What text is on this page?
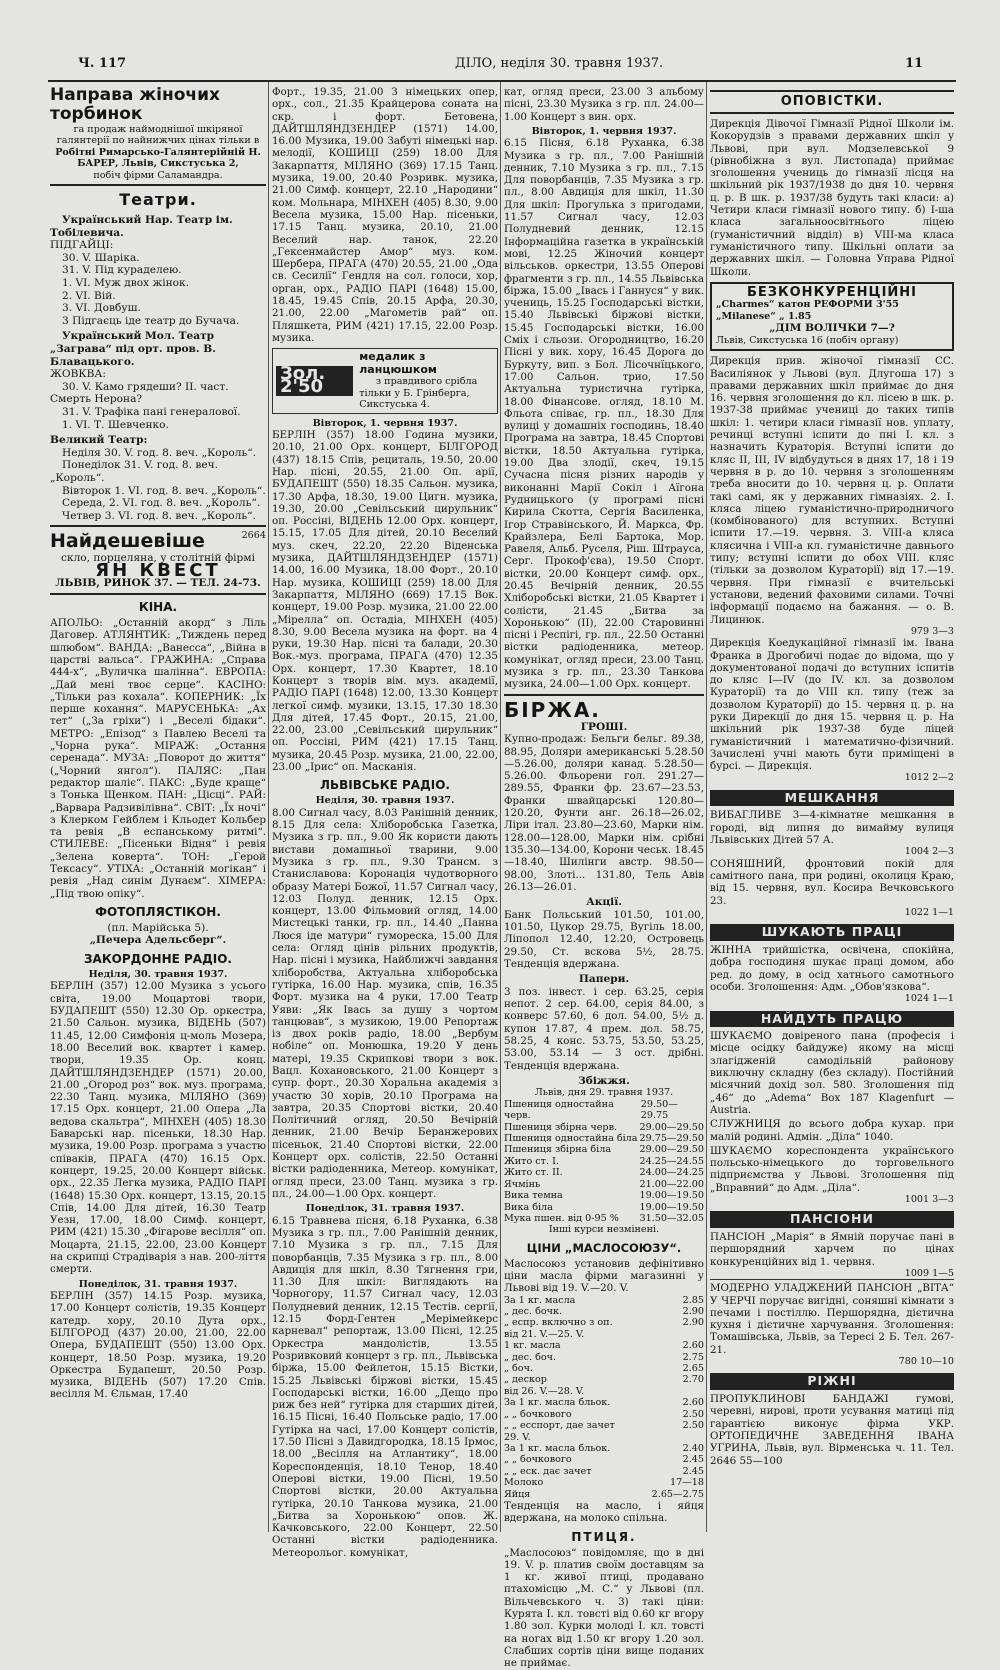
Ч. 117	ДІЛО, неділя 30. травня 1937.	11

Направа жіночих торбинок

га продаж наймоднішої шкіряної галянтерії по найнижчих цінах тільки в

Робітні Римарсько-Галянтерійній Н. БАРЕР, Львів, Сикстуська 2,

побіч фірми Саламандра.

Театри.

Український Нар. Театр ім. Тобілевича.

ПІДГАЙЦІ:

30. V. Шаріка.

31. V. Під кураделею.

1. VI. Муж двох жінок.

2. VI. Вій.

3. VI. Довбуш.

3 Підгаєць іде театр до Бучача.

Український Мол. Театр „Заграва“ під орт. пров. В. Блавацького.

ЖОВКВА:

30. V. Камо грядеши? II. част. Смерть Нерона?

31. V. Трафіка пані генералової.

1. VI. Т. Шевченко.

Великий Театр:

Неділя 30. V. год. 8. веч. „Король“.

Понеділок 31. V. год. 8. веч. „Король“.

Вівторок 1. VI. год. 8. веч. „Король“.

Середа, 2. VI. год. 8. веч. „Король“.

Четвер 3. VI. год. 8. веч. „Король“.

Найдешевіше	2664

скло, порцеляна, у столітній фірмі

ЯН КВЕСТ

ЛЬВІВ, РИНОК 37. — ТЕЛ. 24-73.

КІНА.

АПОЛЬО: „Останній акорд“ з Ліль Даговер. АТЛЯНТИК: „Тиждень перед шлюбом“. ВАНДА: „Ванесса“, „Війна в царстві вальса“. ГРАЖИНА: „Справа 444-х“, „Вуличка шалінна“. ЕВРОПА: „Дай мені твоє серце“. КАСІНО: „Тільки раз кохала“. КОПЕРНИК: „Їх перше кохання“. МАРУСЕНЬКА: „Ах тет“ („За гріхи“) і „Веселі бідаки“. МЕТРО: „Епізод“ з Павлею Веселі та „Чорна рука“. МІРАЖ: „Остання серенада“. МУЗА: „Поворот до життя“ („Чорний янгол“). ПАЛЯС: „Пан редактор шаліє“. ПАКС: „Буде краще“ з Тонька Щенком. ПАН: „Цісці“. РАЙ: „Варвара Радзивілівна“. СВІТ: „Їх ночі“ з Клерком Гейблем і Кльодет Кольбер та ревія „В еспанському ритмі“. СТИЛЕВЕ: „Пісеньки Відня“ і ревія „Зелена коверта“. ТОН: „Герой Тексасу“. УТІХА: „Останній могікан“ і ревія „Над синім Дунаєм“. ХІМЕРА: „Під твою опіку“.

ФОТОПЛЯСТІКОН.

(пл. Марійська 5).

„Печера Адельсберг“.

ЗАКОРДОННЕ РАДІО.

Неділя, 30. травня 1937.

БЕРЛІН (357) 12.00 Музика з усього світа, 19.00 Моцартові твори, БУДАПЕШТ (550) 12.30 Ор. оркестра, 21.50 Сальон. музика, ВІДЕНЬ (507) 11.45, 12.00 Симфонія ц-моль Мозера, 18.00 Веселий вок. квартет і камер. твори, 19.35 Ор. конц. ДАЙТШЛЯНДЗЕНДЕР (1571) 20.00, 21.00 „Огород роз“ вок. муз. програма, 22.30 Танц. музика, МІЛЯНО (369) 17.15 Орх. концерт, 21.00 Опера „Ла ведова скальтра“, МІНХЕН (405) 18.30 Баварські нар. пісеньки, 18.30 Нар. музика, 19.00 Розр. програма з участю співаків, ПРАГА (470) 16.15 Орх. концерт, 19.25, 20.00 Концерт військ. орх., 22.35 Легка музика, РАДІО ПАРІ (1648) 15.30 Орх. концерт, 13.15, 20.15 Спів, 14.00 Для дітей, 16.30 Театр Уезн, 17.00, 18.00 Симф. концерт, РИМ (421) 15.30 „Фігарове весілля“ оп. Моцарта, 21.15, 22.00, 23.00 Концерт на скрипці Страдіварія з нав. 200-ліття смерти.

Понеділок, 31. травня 1937.

БЕРЛІН (357) 14.15 Розр. музика, 17.00 Концерт солістів, 19.35 Концерт катедр. хору, 20.10 Дута орх., БІЛГОРОД (437) 20.00, 21.00, 22.00 Опера, БУДАПЕШТ (550) 13.00 Орх. концерт, 18.50 Розр. музика, 19.20 Оркестра Будапешт, 20.50 Розр. музика, ВІДЕНЬ (507) 17.20 Спів. весілля М. Єльман, 17.40

Форт., 19.35, 21.00 З німецьких опер, орх., сол., 21.35 Крайцерова соната на скр. і форт. Бетовена, ДАЙТШЛЯНДЗЕНДЕР (1571) 14.00, 16.00 Музика, 19.00 Забуті німецькі нар. мелодії, КОШИЦІ (259) 18.00 Для Закарпаття, МІЛЯНО (369) 17.15 Танц. музика, 19.00, 20.40 Розривк. музика, 21.00 Симф. концерт, 22.10 „Народини“ ком. Мольнара, МІНХЕН (405) 8.30, 9.00 Весела музика, 15.00 Нар. пісеньки, 17.15 Танц. музика, 20.10, 21.00 Веселий нар. танок, 22.20 „Гексенмайстер Амор“ муз. ком. Шербера, ПРАГА (470) 20.55, 21.00 „Ода св. Сесилії“ Гендля на сол. голоси, хор, орган, орх., РАДІО ПАРІ (1648) 15.00, 18.45, 19.45 Спів, 20.15 Арфа, 20.30, 21.00, 22.00 „Магометів рай“ оп. Пляшкета, РИМ (421) 17.15, 22.00 Розр. музика.

Зол. 2'50

медалик з ланцюшком

з правдивого срібла

тільки у Б. Грінберга, Сикстуська 4.

Вівторок, 1. червня 1937.

БЕРЛІН (357) 18.00 Година музики, 20.10, 21.00 Орх. концерт, БІЛГОРОД (437) 18.15 Спів, рециталь, 19.50, 20.00 Нар. пісні, 20.55, 21.00 Оп. арії, БУДАПЕШТ (550) 18.35 Сальон. музика, 17.30 Арфа, 18.30, 19.00 Цигн. музика, 19.30, 20.00 „Севільський цирульник“ оп. Россіні, ВІДЕНЬ 12.00 Орх. концерт, 15.15, 17.05 Для дітей, 20.10 Веселий муз. скеч, 22.20, 22.20 Віденська музика, ДАЙТШЛЯНДЗЕНДЕР (1571) 14.00, 16.00 Музика, 18.00 Форт., 20.10 Нар. музика, КОШИЦІ (259) 18.00 Для Закарпаття, МІЛЯНО (669) 17.15 Вок. концерт, 19.00 Розр. музика, 21.00 22.00 „Мірелла“ оп. Остадіа, МІНХЕН (405) 8.30, 9.00 Весела музика на форт. на 4 руки, 19.30 Нар. пісні та балади, 20.30 Вок.-муз. програма, ПРАГА (470) 12.35 Орх. концерт, 17.30 Квартет, 18.10 Концерт з творів вім. муз. академії, РАДІО ПАРІ (1648) 12.00, 13.30 Концерт легкої симф. музики, 13.15, 17.30 18.30 Для дітей, 17.45 Форт., 20.15, 21.00, 22.00, 23.00 „Севільський цирульник“ оп. Россіні, РИМ (421) 17.15 Танц. музика, 20.45 Розр. музика, 21.00, 22.00, 23.00 „Ірис“ оп. Масканія.

ЛЬВІВСЬКЕ РАДІО.

Неділя, 30. травня 1937.

8.00 Сигнал часу, 8.03 Ранішній денник, 8.15 Для села: Хліборобська Газетка, Музика з гр. пл., 9.00 Як користи дають вистави домашньої тварини, 9.00 Музика з гр. пл., 9.30 Трансм. з Станиславова: Коронація чудотворного образу Матері Божої, 11.57 Сигнал часу, 12.03 Полуд. денник, 12.15 Орх. концерт, 13.00 Фільмовий огляд, 14.00 Мистецькі танки, гр. пл., 14.40 „Панна Люся іде матури“ гумореска, 15.00 Для села: Огляд цінів рільних продуктів, Нар. пісні і музика, Найближчі завдання хліборобства, Актуальна хліборобська гутірка, 16.00 Нар. музика, спів, 16.35 Форт. музика на 4 руки, 17.00 Театр Уяви: „Як Івась за душу з чортом танцював“, з музикою, 19.00 Репортаж із двох років радіо, 18.00 „Вербум нобіле“ оп. Монюшка, 19.20 У день матері, 19.35 Скрипкові твори з вок. Вацл. Кохановського, 21.00 Концерт з супр. форт., 20.30 Хоральна академія з участю 30 хорів, 20.10 Програма на завтра, 20.35 Спортові вістки, 20.40 Політичний огляд, 20.50 Вечірній денник, 21.00 Вечір Беранжерових пісеньок, 21.40 Спортові вістки, 22.00 Концерт орх. солістів, 22.50 Останні вістки радіоденника, Метеор. комунікат, огляд преси, 23.00 Танц. музика з гр. пл., 24.00—1.00 Орх. концерт.

Понеділок, 31. травня 1937.

6.15 Травнева пісня, 6.18 Руханка, 6.38 Музика з гр. пл., 7.00 Ранішній денник, 7.10 Музика з гр. пл., 7.15 Для поворбанців, 7.35 Музика з гр. пл., 8.00 Авдиція для шкіл, 8.30 Тягнення гри, 11.30 Для шкіл: Виглядають на Чорногору, 11.57 Сигнал часу, 12.03 Полудневий денник, 12.15 Тестів. сергії, 12.15 Форд-Гентен „Мерімейкерс карневал“ репортаж, 13.00 Пісні, 12.25 Оркестра мандолістів, 13.55 Розривковий концерт з гр. пл., Львівська біржа, 15.00 Фейлетон, 15.15 Вістки, 15.25 Львівські біржові вістки, 15.45 Господарські вістки, 16.00 „Дещо про риж без ней“ гутірка для старших дітей, 16.15 Пісні, 16.40 Польське радіо, 17.00 Гутірка на часі, 17.00 Концерт солістів, 17.50 Пісні з Давидгородка, 18.15 Ірмос, 18.00 „Весілля на Атлантику“, 18.00 Кореспонденція, 18.10 Тенор, 18.40 Оперові вістки, 19.00 Пісні, 19.50 Спортові вістки, 20.00 Актуальна гутірка, 20.10 Танкова музика, 21.00 „Битва за Хоронькою“ опов. Ж. Качковського, 22.00 Концерт, 22.50 Останні вістки радіоденника. Метеорольог. комунікат,

кат, огляд преси, 23.00 З альбому пісні, 23.30 Музика з гр. пл. 24.00—1.00 Концерт з вин. орх.

Вівторок, 1. червня 1937.

6.15 Пісня, 6.18 Руханка, 6.38 Музика з гр. пл., 7.00 Ранішній денник, 7.10 Музика з гр. пл., 7.15 Для поворбанців, 7.35 Музика з гр. пл., 8.00 Авдиція для шкіл, 11.30 Для шкіл: Прогулька з пригодами, 11.57 Сигнал часу, 12.03 Полудневий денник, 12.15 Інформаційна газетка в українській мові, 12.25 Жіночий концерт вільськов. оркестри, 13.55 Оперові фрагменти з гр. пл., 14.55 Львівська біржа, 15.00 „Івась і Ганнуся“ у вик. учениць, 15.25 Господарські вістки, 15.40 Львівські біржові вістки, 15.45 Господарські вістки, 16.00 Сміх і сльози. Огородництво, 16.20 Пісні у вик. хору, 16.45 Дорога до Буркуту, вип. з Бол. Лісочнїцького, 17.00 Сальон. трио, 17.50 Актуальна туристична гутірка, 18.00 Фінансове. огляд, 18.10 М. Фльота співає, гр. пл., 18.30 Для вулиці у домашніх господинь, 18.40 Програма на завтра, 18.45 Спортові вістки, 18.50 Актуальна гутірка, 19.00 Два злодії, скеч, 19.15 Сучасна пісня різних народів у виконанні Марії Сокіл і Аїгона Рудницького (у програмі пісні Кирила Скотта, Сергія Василенка, Ігор Стравінського, Й. Маркса, Фр. Крайзлера, Белі Бартока, Мор. Равеля, Альб. Руселя, Ріш. Штрауса, Серг. Прокоф'єва), 19.50 Спорт. вістки, 20.00 Концерт симф. орх., 20.45 Вечірній денник, 20.55 Хліборобські вістки, 21.05 Квартет і солісти, 21.45 „Битва за Хоронькою“ (II), 22.00 Старовинні пісні і Респігі, гр. пл., 22.50 Останні вістки радіоденника, метеор. комунікат, огляд преси, 23.00 Танц. музика з гр. пл., 23.30 Танкова музика, 24.00—1.00 Орх. концерт.

БІРЖА.

ГРОШІ.

Купно-продаж: Бельги бельг. 89.38, 88.95, Доляри американські 5.28.50—5.26.00, доляри канад. 5.28.50—5.26.00. Фльорени гол. 291.27—289.55, Франки фр. 23.67—23.53, Франки швайцарські 120.80—120.20, Фунти анг. 26.18—26.02, Ліри італ. 23.80—23.60, Марки нім. 128.00—128.00, Марки нім. срібні 135.30—134.00, Корони чеськ. 18.45—18.40, Шилінги австр. 98.50—98.00, Злоті... 131.80, Тель Авів 26.13—26.01.

Акції.

Банк Польський 101.50, 101.00, 101.50, Цукор 29.75, Вугіль 18.00, Ліпопол 12.40, 12.20, Островець 29.50, Ст. вскова 5½, 28.75. Тенденція вдержана.

Папери.

3 поз. інвест. і сер. 63.25, серія непот. 2 сер. 64.00, серія 84.00, з конверс 57.60, 6 дол. 54.00, 5½ д. купон 17.87, 4 прем. дол. 58.75, 58.25, 4 конс. 53.75, 53.50, 53.25, 53.00, 53.14 — 3 ост. дрібні. Тенденція вдержана.

Збіжжя.

Львів, дня 29. травня 1937.

Пшениця одностайна черв.
29.50—29.75
Пшениця збірна черв. 29.00—29.50
Пшениця одностайна біла 29.75—29.50
Пшениця збірна біла	29.00—29.50
Жито ст. I.	24.25—24.55
Жито ст. II.	24.00—24.25
Ячмінь	21.00—22.00
Вика темна	19.00—19.50
Вика біла	19.00—19.50
Мука пшен. від 0-95 % 31.50—32.05

Інші курси незмінені.

ЦІНИ „МАСЛОСОЮЗУ“.

Маслосоюз установив дефінітивно ціни масла фірми магазинні у Львові від 19. V.—20. V.

За 1 кг. масла	2.85
„ дес. бочк.	2.90
„ еспр. включно з оп.	2.90
від 21. V.—25. V.
1 кг. масла	2.60
„ дес. боч.	2.75
„ боч.	2.65
„ дескор	2.70
від 26. V.—28. V.
За 1 кг. масла бльок.	2.60
„ „ бочкового	2.50
„ „ есспорт, дае зачет	2.50
29. V.
За 1 кг. масла бльок.	2.40
„ „ бочкового	2.45
„ „ еск. дає зачет	2.45
Молоко	17—18
Яйця	2.65—2.75

Тенденція на масло, і яйця вдержана, на молоко спільна.

ПТИЦЯ.

„Маслосоюз“ повідомляє, що в дні 19. V. р. платив своїм доставцям за 1 кг. живої птиці, продавано птахомісцю „М. С.“ у Львові (пл. Вільчевського ч. 3) такі ціни: Курята I. кл. товсті від 0.60 кг вгору 1.80 зол. Курки молоді I. кл. товсті на ногах від 1.50 кг вгору 1.20 зол. Слабших сортів ціни вище поданих не приймає.

ОПОВІСТКИ.

Дирекція Дівочої Гімназії Рідної Школи ім. Кокорудзів з правами державних шкіл у Львові, при вул. Модзелевської 9 (рівнобіжна з вул. Листопада) приймає зголошення учениць до гімназії лісця на шкільний рік 1937/1938 до дня 10. червня ц. р. В шк. р. 1937/38 будуть такі класи: а) Четири класи гімназії нового типу. б) І-ша класа загальноосвітнього ліцею (гуманістичний відділ) в) VIII-ма класа гуманістичного типу. Шкільні оплати за державних шкіл. — Головна Управа Рідної Школи.

БЕЗКОНКУРЕНЦІЙНІ

„Charmes“ катон РЕФОРМИ 3'55

„Milanese“ „ 1.85

„ДІМ ВОЛІЧКИ 7—?

Львів, Сикстуська 16 (побіч органу)

Дирекція прив. жіночої гімназії СС. Василіянок у Львові (вул. Длугоша 17) з правами державних шкіл приймає до дня 16. червня зголошення до кл. лісею в шк. р. 1937-38 приймає учениці до таких типів шкіл: 1. четири класи гімназії нов. уплату, речинці вступні іспити до пні І. кл. з назначить Кураторія. Вступні іспити до кляс ІІ, III, IV відбудуться в днях 17, 18 і 19 червня в р. до 10. червня з зголошенням треба вносити до 10. червня ц. р. Оплати такі самі, як у державних гімназіях. 2. І. кляса ліцею гуманістично-природничого (комбінованого) для вступних. Вступні іспити 17.—19. червня. 3. VIII-а кляса клясична i VIII-а кл. гуманістичне давнього типу; вступні іспити до обох VIII. кляс (тільки за дозволом Кураторії) від 17.—19. червня. При гімназії є вчительські установи, ведений фаховими силами. Точні інформації подаємо на бажання. — о. В. Лицинюк.

979 3—3

Дирекція Коедукаційної гімназії ім. Івана Франка в Дрогобичі подає до відома, що у документованої подачі до вступних іспитів до кляс I—IV (до IV. кл. за дозволом Кураторії) та до VIII кл. типу (теж за дозволом Кураторії) до 15. червня ц. р. на руки Дирекції до дня 15. червня ц. р. На шкільний рік 1937-38 буде ліцей гуманістичний і математично-фізичний. Зачислені учні мають бути приміщені в бурсі. — Дирекція.

1012 2—2

МЕШКАННЯ

ВИБАГЛИВЕ 3—4-кімнатне мешкання в городі, від липня до вимайму вулиця Львівських Дітей 57 А.

1004 2—3

СОНЯШНИЙ, фронтовий покій для самітного пана, при родині, околиця Краю, від 15. червня, вул. Косира Вечковського 23.

1022 1—1

ШУКАЮТЬ ПРАЦІ

ЖІННА трийшістка, освічена, спокійна, добра господиня шукає праці домом, або ред. до дому, в осід хатнього самотнього особи. Зголошення: Адм. „Обов'язкова“.

1024 1—1

НАЙДУТЬ ПРАЦЮ

ШУКАЄМО довіреного пана (професія і місце осідку байдуже) якому на місці злагідженій самодільній районову виключну складну (без складу). Постійний місячний дохід зол. 580. Зголошення під „46“ до „Adema“ Box 187 Klagenfurt — Austria.

СЛУЖНИЦЯ до всього добра кухар. при малій родині. Адмін. „Діла“ 1040.

ШУКАЄМО кореспондента українського польсько-німецького до торговельного підприємства у Львові. Зголошення під „Вправний“ до Адм. „Діла“.

1001 3—3

ПАНСІОНИ

ПАНСІОН „Марія“ в Ямній поручає пані в першорядний харчем по цінах конкуренційних від 1. червня.

1009 1—5

МОДЕРНО УЛАДЖЕНИЙ ПАНСІОН „ВІТА“ У ЧЕРЧІ поручає вигідні, соняшні кімнати з печами і постіллю. Першорядна, дієтична кухня і дієтичне харчування. Зголошення: Томашівська, Львів, за Тересі 2 Б. Тел. 267-21.

780 10—10

РІЖНІ

ПРОПУКЛИНОВІ БАНДАЖІ гумові, черевні, нирові, проти усування матиці під гарантією виконує фірма УКР. ОРТОПЕДИЧНЕ ЗАВЕДЕННЯ ІВАНА УГРИНА, Львів, вул. Вірменська ч. 11. Тел. 2646 55—100
